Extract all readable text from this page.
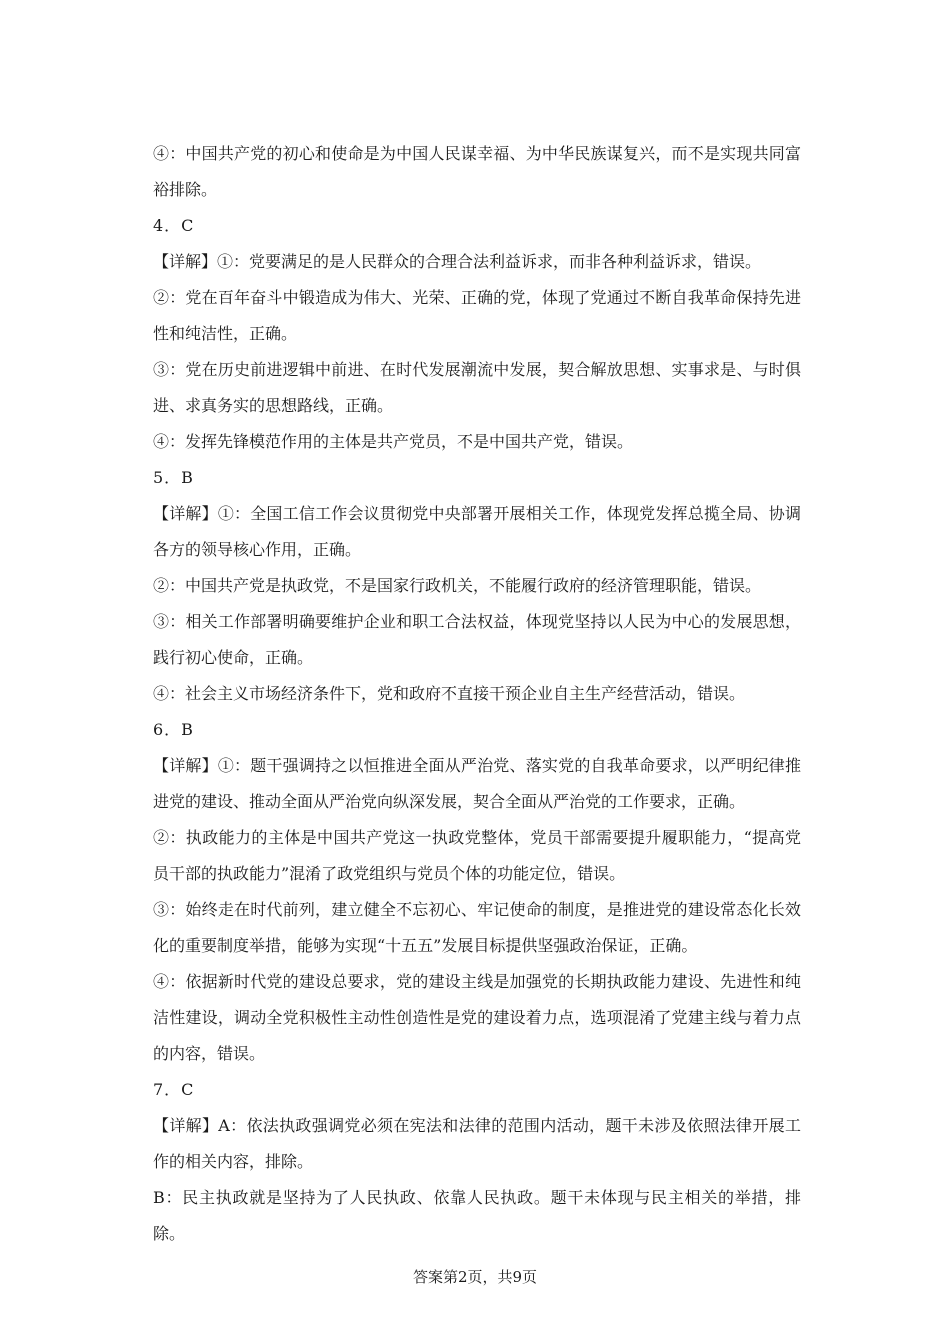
④：中国共产党的初心和使命是为中国人民谋幸福、为中华民族谋复兴，而不是实现共同富裕排除。

4．C

【详解】①：党要满足的是人民群众的合理合法利益诉求，而非各种利益诉求，错误。

②：党在百年奋斗中锻造成为伟大、光荣、正确的党，体现了党通过不断自我革命保持先进性和纯洁性，正确。

③：党在历史前进逻辑中前进、在时代发展潮流中发展，契合解放思想、实事求是、与时俱进、求真务实的思想路线，正确。

④：发挥先锋模范作用的主体是共产党员，不是中国共产党，错误。

5．B

【详解】①：全国工信工作会议贯彻党中央部署开展相关工作，体现党发挥总揽全局、协调各方的领导核心作用，正确。

②：中国共产党是执政党，不是国家行政机关，不能履行政府的经济管理职能，错误。

③：相关工作部署明确要维护企业和职工合法权益，体现党坚持以人民为中心的发展思想，践行初心使命，正确。

④：社会主义市场经济条件下，党和政府不直接干预企业自主生产经营活动，错误。

6．B

【详解】①：题干强调持之以恒推进全面从严治党、落实党的自我革命要求，以严明纪律推进党的建设、推动全面从严治党向纵深发展，契合全面从严治党的工作要求，正确。

②：执政能力的主体是中国共产党这一执政党整体，党员干部需要提升履职能力，“提高党员干部的执政能力”混淆了政党组织与党员个体的功能定位，错误。

③：始终走在时代前列，建立健全不忘初心、牢记使命的制度，是推进党的建设常态化长效化的重要制度举措，能够为实现“十五五”发展目标提供坚强政治保证，正确。

④：依据新时代党的建设总要求，党的建设主线是加强党的长期执政能力建设、先进性和纯洁性建设，调动全党积极性主动性创造性是党的建设着力点，选项混淆了党建主线与着力点的内容，错误。

7．C

【详解】A：依法执政强调党必须在宪法和法律的范围内活动，题干未涉及依照法律开展工作的相关内容，排除。

B：民主执政就是坚持为了人民执政、依靠人民执政。题干未体现与民主相关的举措，排除。

答案第2页，共9页
